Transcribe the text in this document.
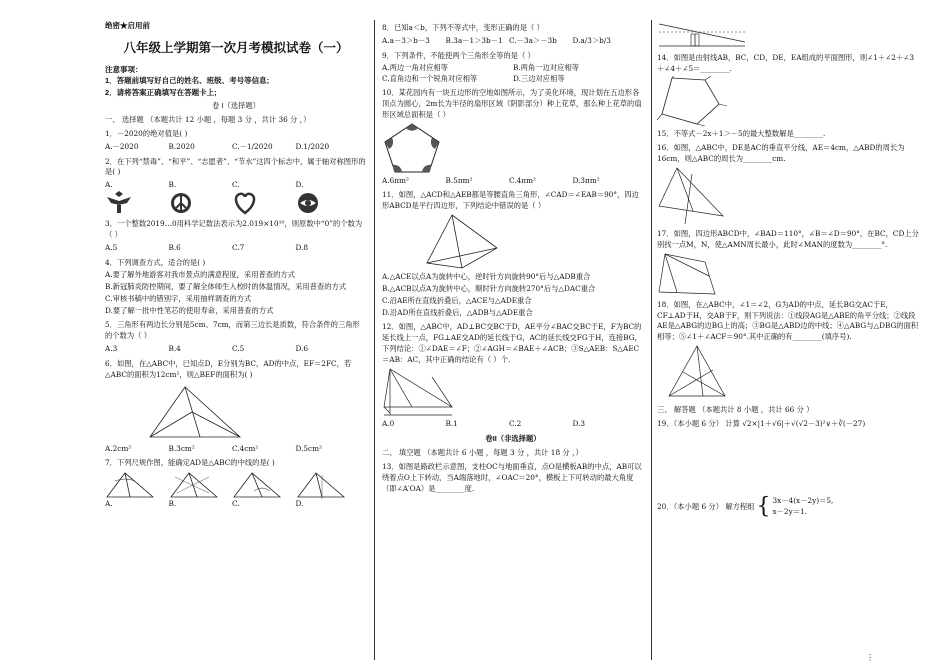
绝密★启用前
八年级上学期第一次月考模拟试卷（一）
注意事项：
1．答题前填写好自己的姓名、班级、考号等信息;
2．请将答案正确填写在答题卡上;
卷 I（选择题）
一、 选择题 （本题共计 12 小题 ，每题 3 分 ，共计 36 分 ，）
1．－2020的绝对值是( )
A.－2020	B.2020	C.－1/2020	D.1/2020
2．在下列“禁毒”、“和平”、“志愿者”、“节水”这四个标志中，属于轴对称图形的是( )
A.	B.	C.	D.
3．一个整数2019…0用科学记数法表示为2.019×10¹⁰，则原数中“0”的个数为（ ）
A.5	B.6	C.7	D.8
4．下列调查方式，适合的是( )
A.要了解外地游客对我市景点的满意程度，采用普查的方式
B.新冠肺炎防控期间，要了解全体师生入校时的体温情况，采用普查的方式
C.审核书稿中的错别字，采用抽样调查的方式
D.要了解一批中性笔芯的使用寿命，采用普查的方式
5．三角形有两边长分别是5cm、7cm，而第三边长是质数，符合条件的三角形的个数为（ ）
A.3	B.4	C.5	D.6
6．如图，在△ABC中，已知点D，E分别为BC，AD的中点，EF＝2FC，若△ABC的面积为12cm²，则△BEF的面积为( )
A.2cm²	B.3cm²	C.4cm²	D.5cm²
7．下列尺规作图，能确定AD是△ABC的中线的是( )
A.	B.	C.	D.
8．已知a＜b，下列不等式中，变形正确的是（ ）
A.a－3＞b－3	B.3a－1＞3b－1 C.－3a＞－3b	D.a/3＞b/3
9．下列条件，不能使两个三角形全等的是（ ）
A.两边一角对应相等	B.两角一边对应相等
C.直角边和一个锐角对应相等	D.三边对应相等
10．某花园内有一块五边形的空地如图所示，为了美化环境，现计划在五边形各顶点为圆心，2m长为半径的扇形区域（阴影部分）种上花草，那么种上花草的扇形区域总面积是（ ）
A.6πm²	B.5πm²	C.4πm²	D.3πm²
11．如图，△ACD和△AEB都是等腰直角三角形，∠CAD＝∠EAB＝90°，四边形ABCD是平行四边形，下列结论中错误的是（ ）
A.△ACE以点A为旋转中心，逆时针方向旋转90°后与△ADB重合
B.△ACB以点A为旋转中心，顺时针方向旋转270°后与△DAC重合
C.沿AE所在直线折叠后，△ACE与△ADE重合
D.沿AD所在直线折叠后，△ADB与△ADE重合
12．如图，△ABC中，AD⊥BC交BC于D，AE平分∠BAC交BC于E，F为BC的延长线上一点，FG⊥AE交AD的延长线于G，AC的延长线交FG于H，连接BG，下列结论：①∠DAE＝∠F；②∠AGH＝∠BAE＋∠ACB；③S△AEB：S△AEC＝AB：AC，其中正确的结论有（ ）个.
A.0	B.1	C.2	D.3
卷II（非选择题）
二、 填空题 （本题共计 6 小题 ，每题 3 分 ，共计 18 分 ，）
13．如图是路政栏示意图，支柱OC与地面垂直，点O是横板AB的中点，AB可以绕着点O上下转动，当A端落地时，∠OAC＝20°，横板上下可转动的最大角度（即∠A′OA）是________度.
14．如图是由射线AB，BC，CD，DE，EA组成的平面图形，则∠1＋∠2＋∠3＋∠4＋∠5＝________.
15．不等式－2x＋1＞－5的最大整数解是________.
16．如图，△ABC中，DE是AC的垂直平分线，AE＝4cm，△ABD的周长为16cm，则△ABC的周长为________cm.
17．如图，四边形ABCD中，∠BAD＝110°，∠B＝∠D＝90°，在BC，CD上分别找一点M，N，使△AMN周长最小，此时∠MAN的度数为________°.
18．如图，在△ABC中，∠1＝∠2，G为AD的中点，延长BG交AC于E，CF⊥AD于H，交AB于F，则下列说法：①线段AG是△ABE的角平分线；②线段AE是△ABG的边BG上的高；③BG是△ABD边的中线；④△ABG与△DBG的面积相等；⑤∠1＋∠ACF＝90°.其中正确的有________(填序号).
三、 解答题 （本题共计 8 小题 ，共计 66 分 ）
19．（本小题 6 分） 计算 √2×|1＋√6|＋√(√2－3)²∨＋∛(－27)
20．（本小题 6 分） 解方程组 { 3x－4(x－2y)＝5,
x－2y＝1.
⋮
